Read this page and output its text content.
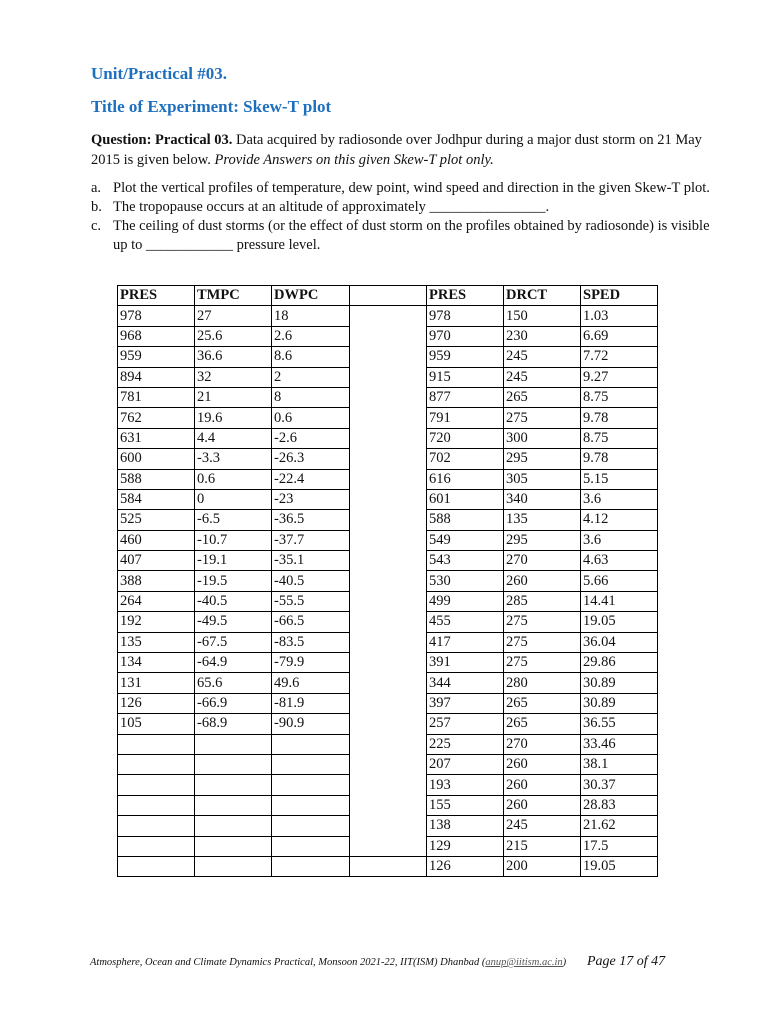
Unit/Practical #03.
Title of Experiment: Skew-T plot
Question: Practical 03. Data acquired by radiosonde over Jodhpur during a major dust storm on 21 May 2015 is given below. Provide Answers on this given Skew-T plot only.
a. Plot the vertical profiles of temperature, dew point, wind speed and direction in the given Skew-T plot.
b. The tropopause occurs at an altitude of approximately ________________.
c. The ceiling of dust storms (or the effect of dust storm on the profiles obtained by radiosonde) is visible up to ____________ pressure level.
PRES	TMPC	DWPC		PRES	DRCT	SPED
978	27	18		978	150	1.03
968	25.6	2.6		970	230	6.69
959	36.6	8.6		959	245	7.72
894	32	2		915	245	9.27
781	21	8		877	265	8.75
762	19.6	0.6		791	275	9.78
631	4.4	-2.6		720	300	8.75
600	-3.3	-26.3		702	295	9.78
588	0.6	-22.4		616	305	5.15
584	0	-23		601	340	3.6
525	-6.5	-36.5		588	135	4.12
460	-10.7	-37.7		549	295	3.6
407	-19.1	-35.1		543	270	4.63
388	-19.5	-40.5		530	260	5.66
264	-40.5	-55.5		499	285	14.41
192	-49.5	-66.5		455	275	19.05
135	-67.5	-83.5		417	275	36.04
134	-64.9	-79.9		391	275	29.86
131	65.6	49.6		344	280	30.89
126	-66.9	-81.9		397	265	30.89
105	-68.9	-90.9		257	265	36.55
				225	270	33.46
				207	260	38.1
				193	260	30.37
				155	260	28.83
				138	245	21.62
				129	215	17.5
				126	200	19.05
Atmosphere, Ocean and Climate Dynamics Practical, Monsoon 2021-22, IIT(ISM) Dhanbad (anup@iitism.ac.in) Page 17 of 47
